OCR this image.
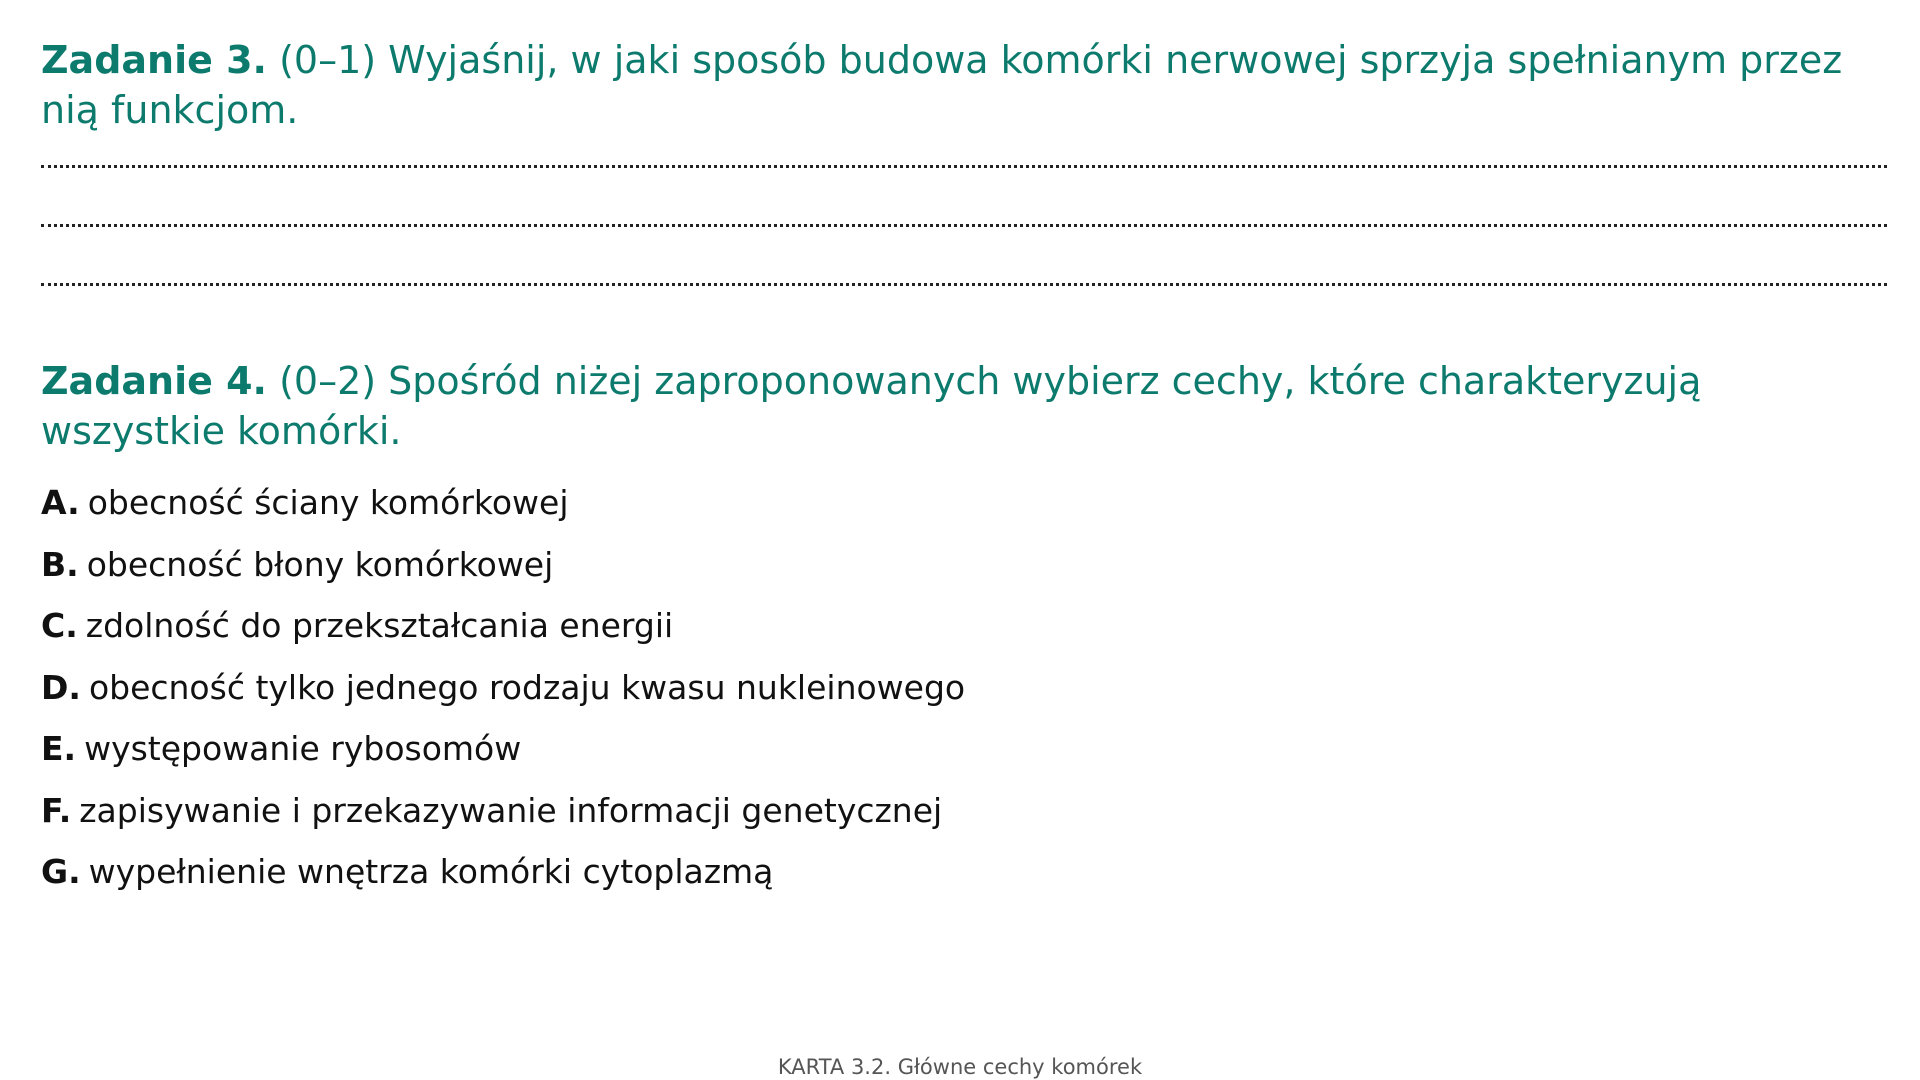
Zadanie 3. (0–1) Wyjaśnij, w jaki sposób budowa komórki nerwowej sprzyja spełnianym przez nią funkcjom.

Zadanie 4. (0–2) Spośród niżej zaproponowanych wybierz cechy, które charakteryzują wszystkie komórki.

A. obecność ściany komórkowej
B. obecność błony komórkowej
C. zdolność do przekształcania energii
D. obecność tylko jednego rodzaju kwasu nukleinowego
E. występowanie rybosomów
F. zapisywanie i przekazywanie informacji genetycznej
G. wypełnienie wnętrza komórki cytoplazmą
KARTA 3.2. Główne cechy komórek
